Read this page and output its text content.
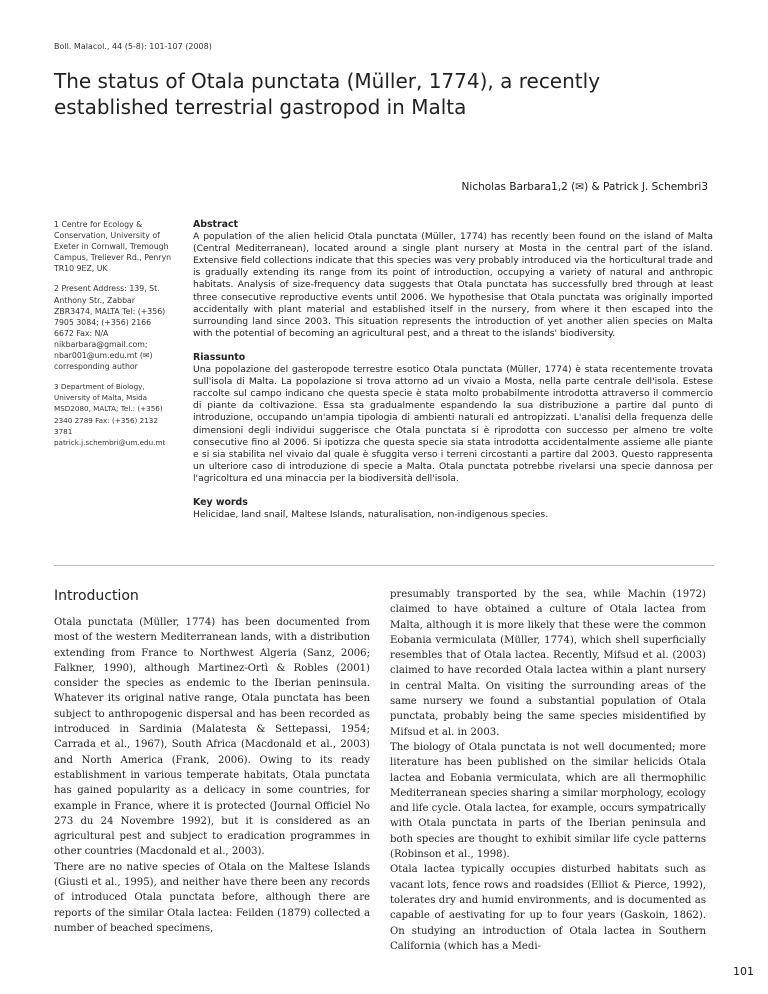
Boll. Malacol., 44 (5-8): 101-107 (2008)
The status of Otala punctata (Müller, 1774), a recently established terrestrial gastropod in Malta
Nicholas Barbara1,2 (✉) & Patrick J. Schembri3
1 Centre for Ecology & Conservation, University of Exeter in Cornwall, Tremough Campus, Treliever Rd., Penryn TR10 9EZ, UK
2 Present Address: 139, St. Anthony Str., Zabbar ZBR3474, MALTA Tel: (+356) 7905 3084; (+356) 2166 6672 Fax: N/A nikbarbara@gmail.com; nbar001@um.edu.mt (✉) corresponding author
3 Department of Biology, University of Malta, Msida MSD2080, MALTA; Tel.: (+356) 2340 2789 Fax: (+356) 2132 3781 patrick.j.schembri@um.edu.mt
Abstract

A population of the alien helicid Otala punctata (Müller, 1774) has recently been found on the island of Malta (Central Mediterranean), located around a single plant nursery at Mosta in the central part of the island. Extensive field collections indicate that this species was very probably introduced via the horticultural trade and is gradually extending its range from its point of introduction, occupying a variety of natural and anthropic habitats. Analysis of size-frequency data suggests that Otala punctata has successfully bred through at least three consecutive reproductive events until 2006. We hypothesise that Otala punctata was originally imported accidentally with plant material and established itself in the nursery, from where it then escaped into the surrounding land since 2003. This situation represents the introduction of yet another alien species on Malta with the potential of becoming an agricultural pest, and a threat to the islands' biodiversity.

Riassunto

Una popolazione del gasteropode terrestre esotico Otala punctata (Müller, 1774) è stata recentemente trovata sull'isola di Malta. La popolazione si trova attorno ad un vivaio a Mosta, nella parte centrale dell'isola. Estese raccolte sul campo indicano che questa specie è stata molto probabilmente introdotta attraverso il commercio di piante da coltivazione. Essa sta gradualmente espandendo la sua distribuzione a partire dal punto di introduzione, occupando un'ampia tipologia di ambienti naturali ed antropizzati. L'analisi della frequenza delle dimensioni degli individui suggerisce che Otala punctata si è riprodotta con successo per almeno tre volte consecutive fino al 2006. Si ipotizza che questa specie sia stata introdotta accidentalmente assieme alle piante e si sia stabilita nel vivaio dal quale è sfuggita verso i terreni circostanti a partire dal 2003. Questo rappresenta un ulteriore caso di introduzione di specie a Malta. Otala punctata potrebbe rivelarsi una specie dannosa per l'agricoltura ed una minaccia per la biodiversità dell'isola.

Key words

Helicidae, land snail, Maltese Islands, naturalisation, non-indigenous species.

Introduction

Otala punctata (Müller, 1774) has been documented from most of the western Mediterranean lands, with a distribution extending from France to Northwest Algeria (Sanz, 2006; Falkner, 1990), although Martinez-Ortì & Robles (2001) consider the species as endemic to the Iberian peninsula. Whatever its original native range, Otala punctata has been subject to anthropogenic dispersal and has been recorded as introduced in Sardinia (Malatesta & Settepassi, 1954; Carrada et al., 1967), South Africa (Macdonald et al., 2003) and North America (Frank, 2006). Owing to its ready establishment in various temperate habitats, Otala punctata has gained popularity as a delicacy in some countries, for example in France, where it is protected (Journal Officiel No 273 du 24 Novembre 1992), but it is considered as an agricultural pest and subject to eradication programmes in other countries (Macdonald et al., 2003).

There are no native species of Otala on the Maltese Islands (Giusti et al., 1995), and neither have there been any records of introduced Otala punctata before, although there are reports of the similar Otala lactea: Feilden (1879) collected a number of beached specimens,

presumably transported by the sea, while Machin (1972) claimed to have obtained a culture of Otala lactea from Malta, although it is more likely that these were the common Eobania vermiculata (Müller, 1774), which shell superficially resembles that of Otala lactea. Recently, Mifsud et al. (2003) claimed to have recorded Otala lactea within a plant nursery in central Malta. On visiting the surrounding areas of the same nursery we found a substantial population of Otala punctata, probably being the same species misidentified by Mifsud et al. in 2003.

The biology of Otala punctata is not well documented; more literature has been published on the similar helicids Otala lactea and Eobania vermiculata, which are all thermophilic Mediterranean species sharing a similar morphology, ecology and life cycle. Otala lactea, for example, occurs sympatrically with Otala punctata in parts of the Iberian peninsula and both species are thought to exhibit similar life cycle patterns (Robinson et al., 1998).

Otala lactea typically occupies disturbed habitats such as vacant lots, fence rows and roadsides (Elliot & Pierce, 1992), tolerates dry and humid environments, and is documented as capable of aestivating for up to four years (Gaskoin, 1862). On studying an introduction of Otala lactea in Southern California (which has a Medi-

101
